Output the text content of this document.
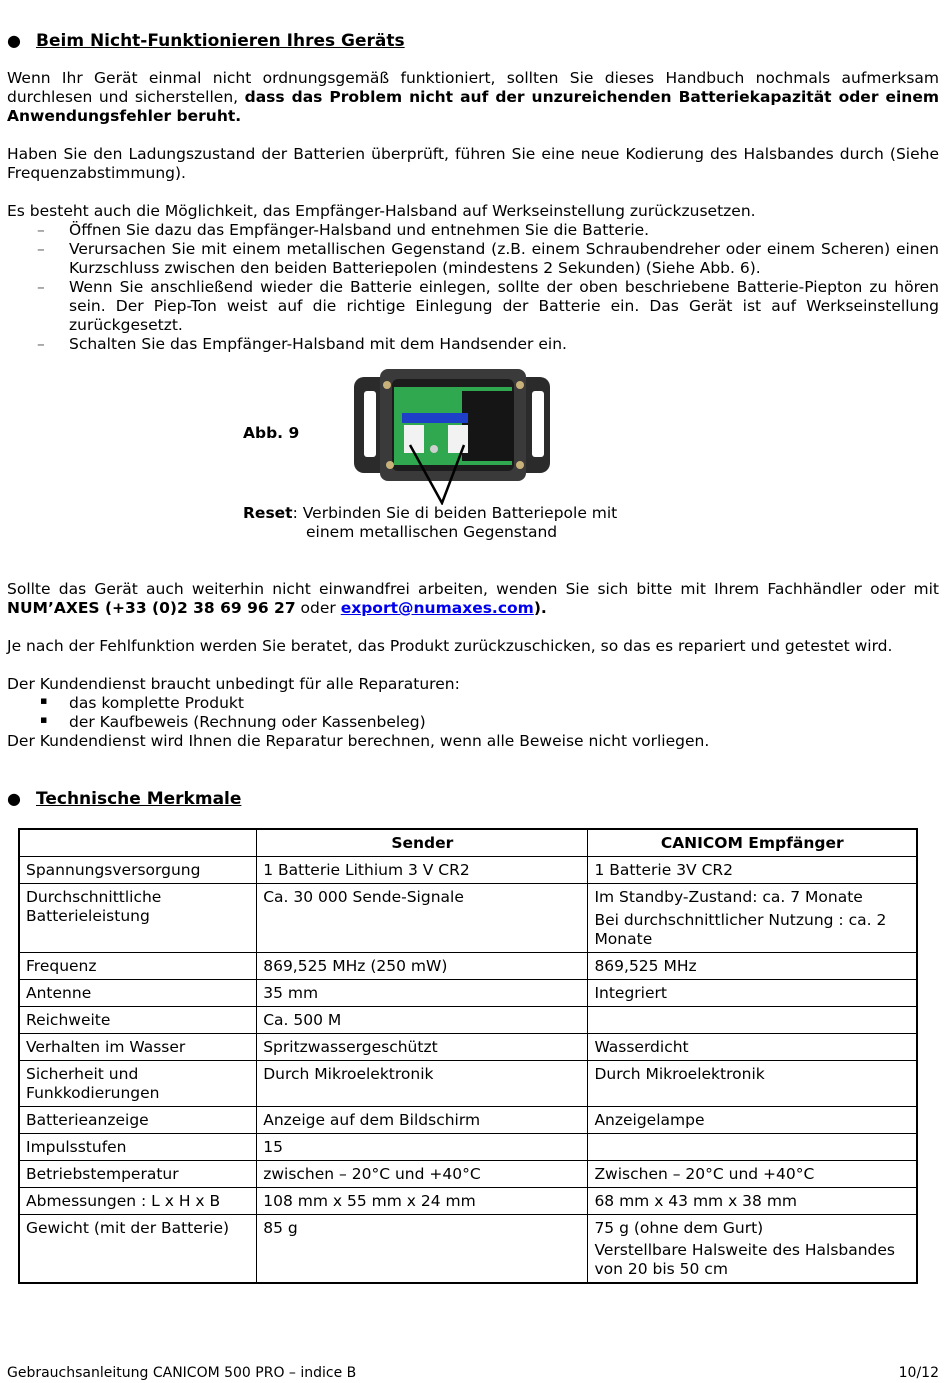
● Beim Nicht-Funktionieren Ihres Geräts
Wenn Ihr Gerät einmal nicht ordnungsgemäß funktioniert, sollten Sie dieses Handbuch nochmals aufmerksam
durchlesen und sicherstellen, dass das Problem nicht auf der unzureichenden Batteriekapazität oder einem
Anwendungsfehler beruht.
Haben Sie den Ladungszustand der Batterien überprüft, führen Sie eine neue Kodierung des Halsbandes durch (Siehe
Frequenzabstimmung).
Es besteht auch die Möglichkeit, das Empfänger-Halsband auf Werkseinstellung zurückzusetzen.
– Öffnen Sie dazu das Empfänger-Halsband und entnehmen Sie die Batterie.
– Verursachen Sie mit einem metallischen Gegenstand (z.B. einem Schraubendreher oder einem Scheren) einen
Kurzschluss zwischen den beiden Batteriepolen (mindestens 2 Sekunden) (Siehe Abb. 6).
– Wenn Sie anschließend wieder die Batterie einlegen, sollte der oben beschriebene Batterie-Piepton zu hören
sein. Der Piep-Ton weist auf die richtige Einlegung der Batterie ein. Das Gerät ist auf Werkseinstellung
zurückgesetzt.
– Schalten Sie das Empfänger-Halsband mit dem Handsender ein.
Abb. 9
Reset: Verbinden Sie di beiden Batteriepole mit
einem metallischen Gegenstand
Sollte das Gerät auch weiterhin nicht einwandfrei arbeiten, wenden Sie sich bitte mit Ihrem Fachhändler oder mit
NUM’AXES (+33 (0)2 38 69 96 27 oder export@numaxes.com).
Je nach der Fehlfunktion werden Sie beratet, das Produkt zurückzuschicken, so das es repariert und getestet wird.
Der Kundendienst braucht unbedingt für alle Reparaturen:
▪ das komplette Produkt
▪ der Kaufbeweis (Rechnung oder Kassenbeleg)
Der Kundendienst wird Ihnen die Reparatur berechnen, wenn alle Beweise nicht vorliegen.
● Technische Merkmale
	Sender	CANICOM Empfänger
Spannungsversorgung	1 Batterie Lithium 3 V CR2	1 Batterie 3V CR2
Durchschnittliche Batterieleistung	Ca. 30 000 Sende-Signale	Im Standby-Zustand: ca. 7 Monate
Bei durchschnittlicher Nutzung : ca. 2 Monate

Frequenz	869,525 MHz (250 mW)	869,525 MHz
Antenne	35 mm	Integriert
Reichweite	Ca. 500 M	
Verhalten im Wasser	Spritzwassergeschützt	Wasserdicht
Sicherheit und Funkkodierungen	Durch Mikroelektronik	Durch Mikroelektronik
Batterieanzeige	Anzeige auf dem Bildschirm	Anzeigelampe
Impulsstufen	15	
Betriebstemperatur	zwischen – 20°C und +40°C	Zwischen – 20°C und +40°C
Abmessungen : L x H x B	108 mm x 55 mm x 24 mm	68 mm x 43 mm x 38 mm
Gewicht (mit der Batterie)	85 g	75 g (ohne dem Gurt)
Verstellbare Halsweite des Halsbandes von 20 bis 50 cm
Gebrauchsanleitung CANICOM 500 PRO – indice B	10/12
